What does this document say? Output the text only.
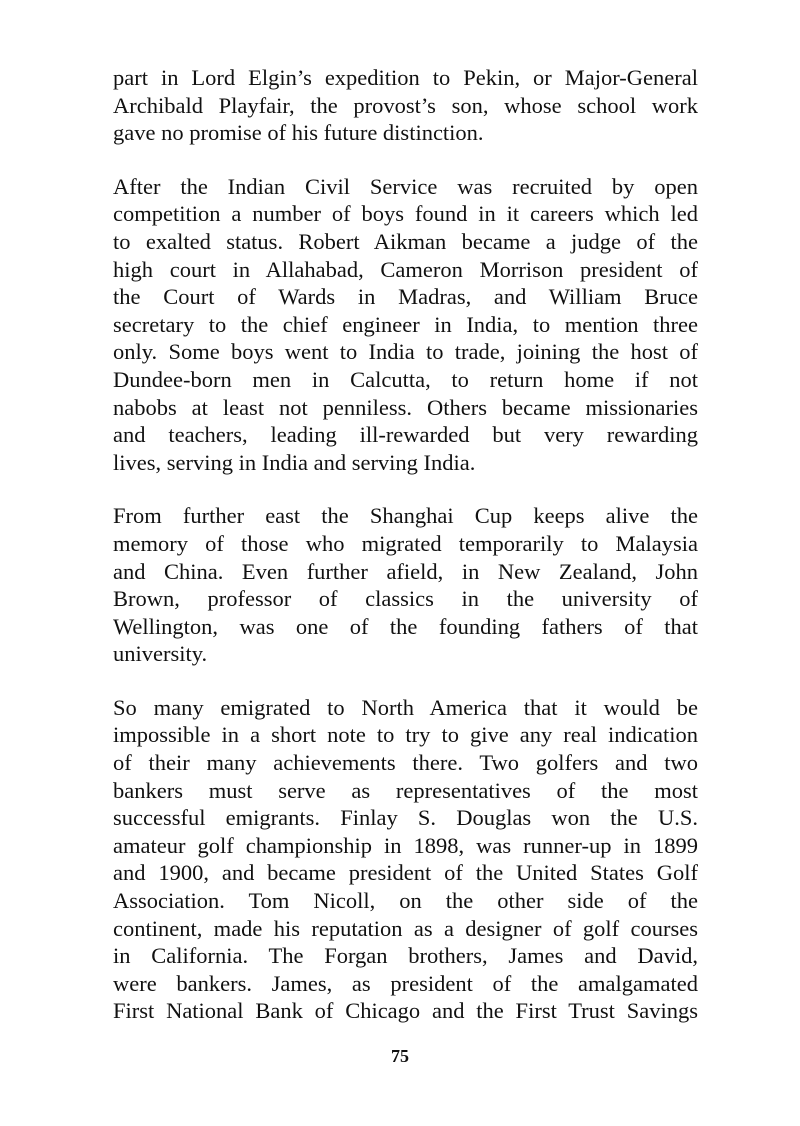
part in Lord Elgin’s expedition to Pekin, or Major-General
Archibald Playfair, the provost’s son, whose school work
gave no promise of his future distinction.
After the Indian Civil Service was recruited by open
competition a number of boys found in it careers which led
to exalted status. Robert Aikman became a judge of the
high court in Allahabad, Cameron Morrison president of
the Court of Wards in Madras, and William Bruce
secretary to the chief engineer in India, to mention three
only. Some boys went to India to trade, joining the host of
Dundee-born men in Calcutta, to return home if not
nabobs at least not penniless. Others became missionaries
and teachers, leading ill-rewarded but very rewarding
lives, serving in India and serving India.
From further east the Shanghai Cup keeps alive the
memory of those who migrated temporarily to Malaysia
and China. Even further afield, in New Zealand, John
Brown, professor of classics in the university of
Wellington, was one of the founding fathers of that
university.
So many emigrated to North America that it would be
impossible in a short note to try to give any real indication
of their many achievements there. Two golfers and two
bankers must serve as representatives of the most
successful emigrants. Finlay S. Douglas won the U.S.
amateur golf championship in 1898, was runner-up in 1899
and 1900, and became president of the United States Golf
Association. Tom Nicoll, on the other side of the
continent, made his reputation as a designer of golf courses
in California. The Forgan brothers, James and David,
were bankers. James, as president of the amalgamated
First National Bank of Chicago and the First Trust Savings
75
